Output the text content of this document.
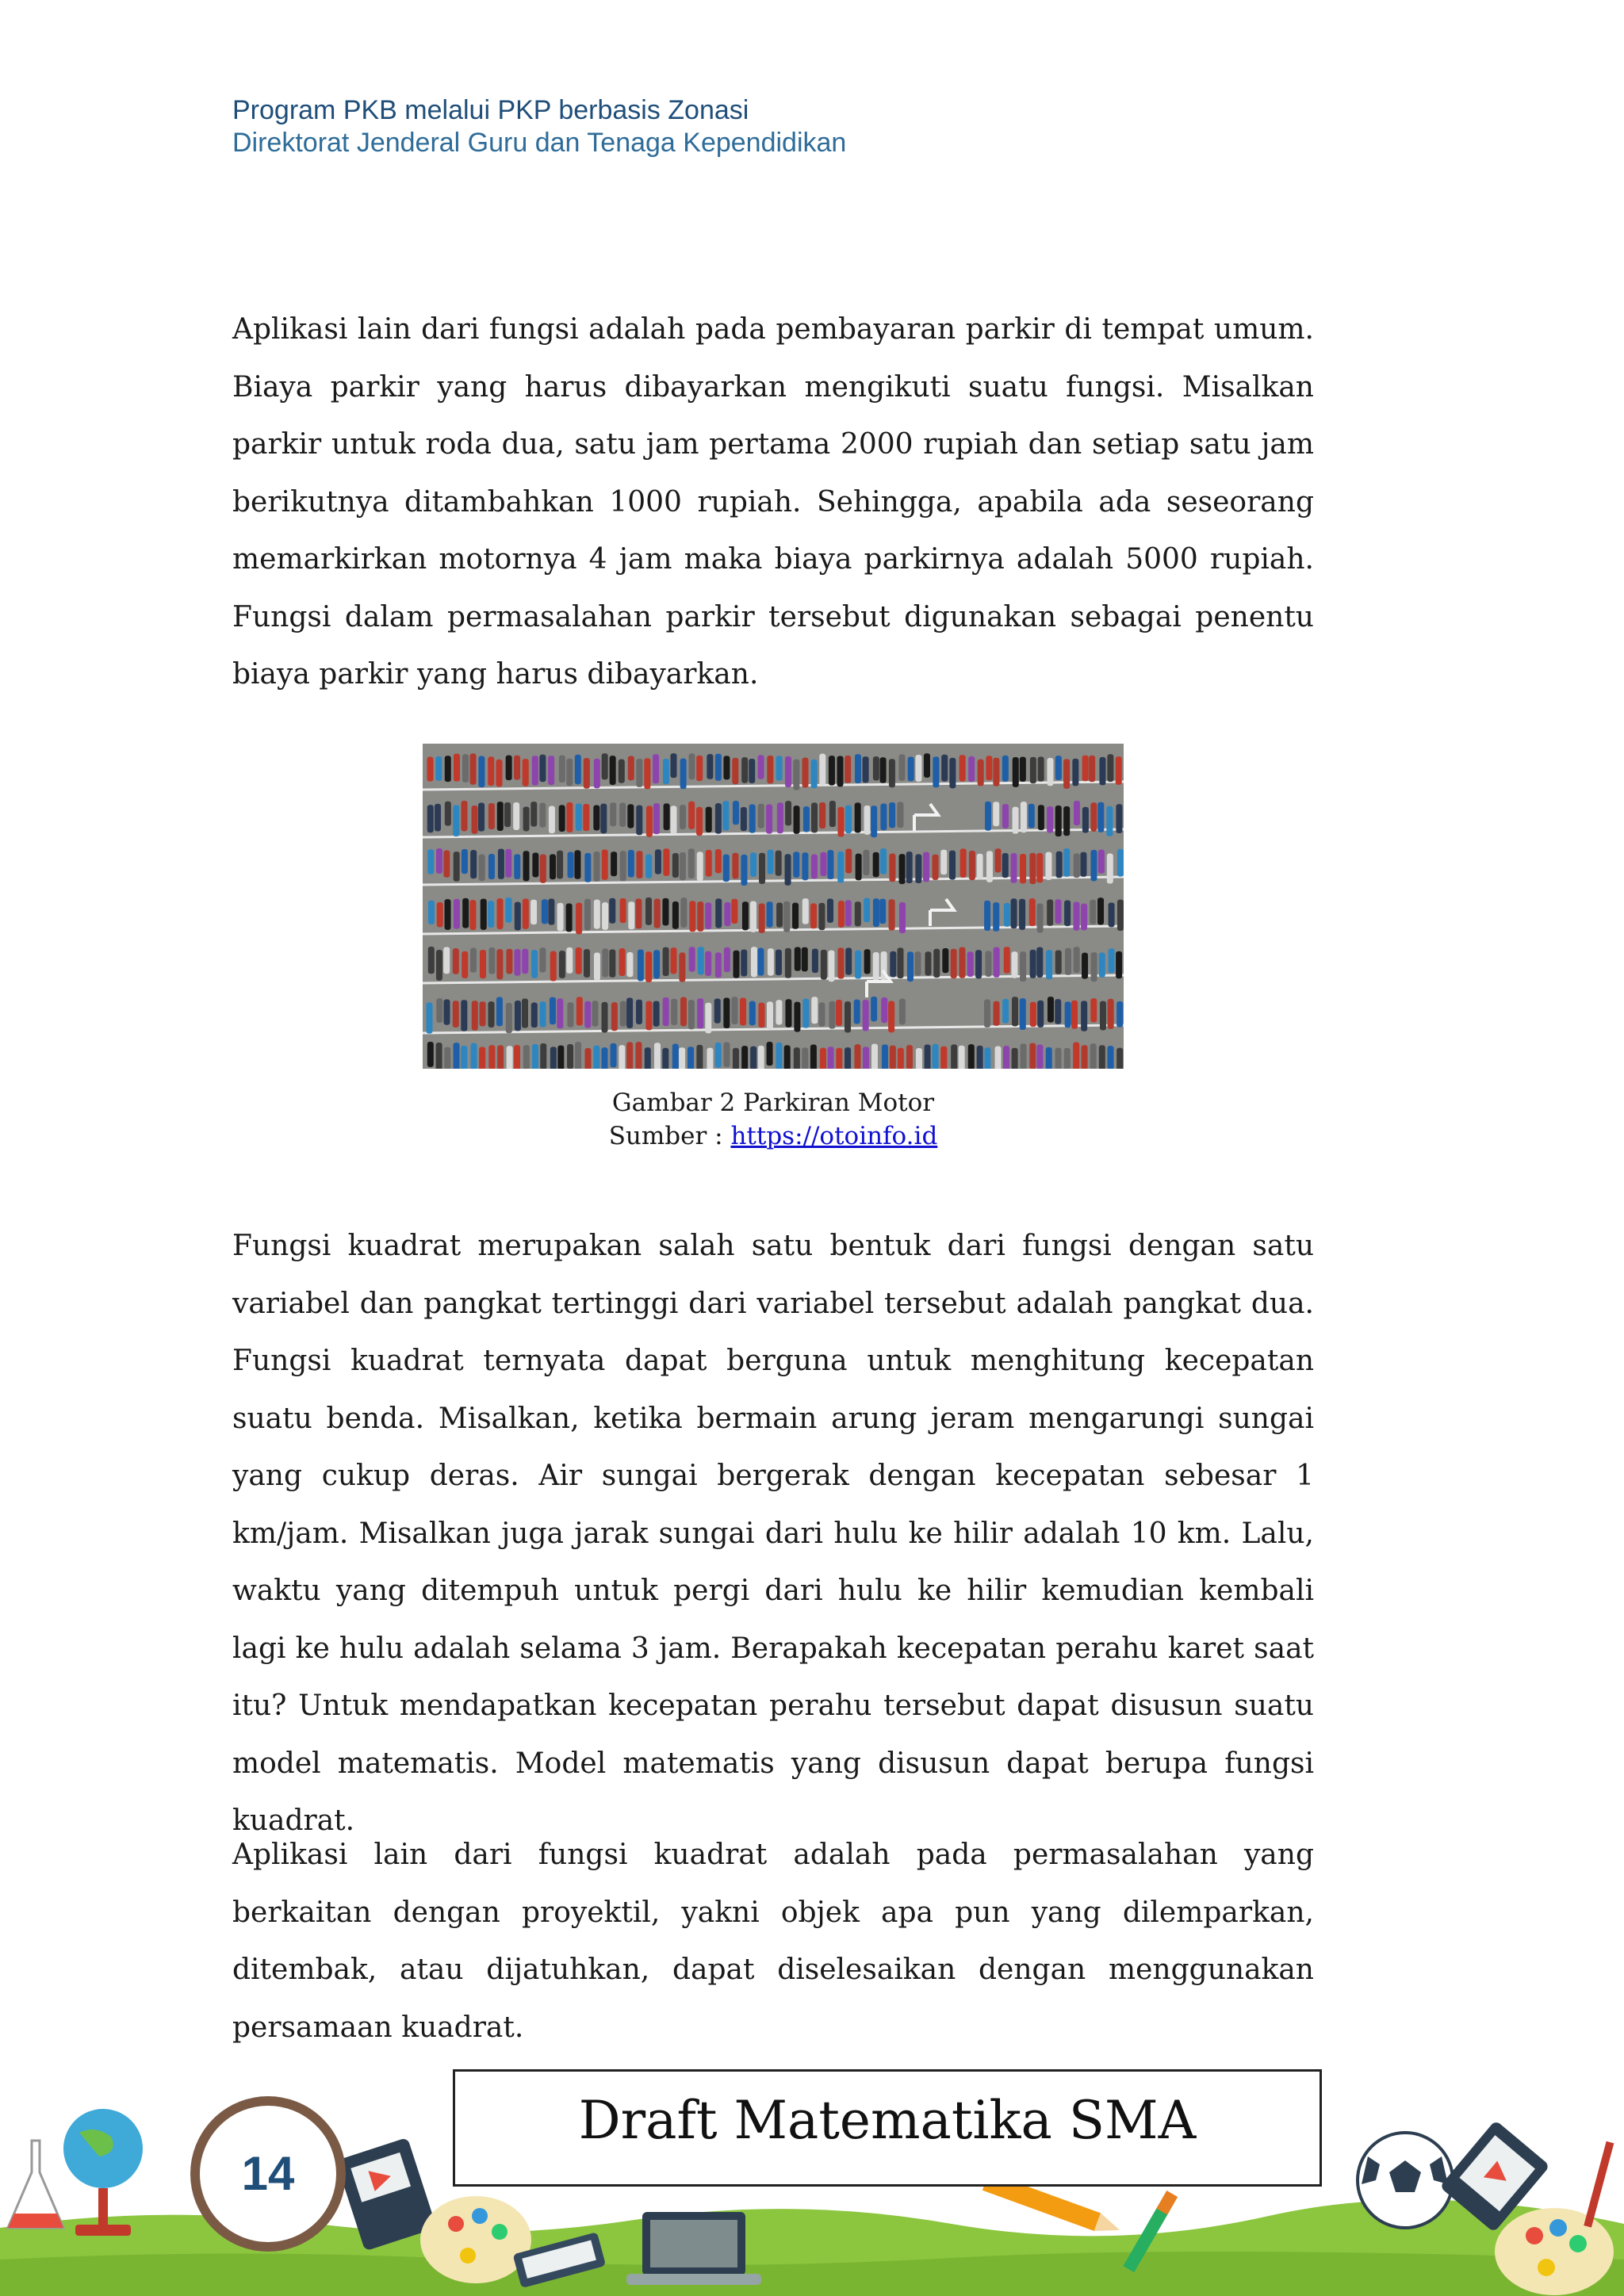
Program PKB melalui PKP berbasis Zonasi
Direktorat Jenderal Guru dan Tenaga Kependidikan

Aplikasi lain dari fungsi adalah pada pembayaran parkir di tempat umum. Biaya parkir yang harus dibayarkan mengikuti suatu fungsi. Misalkan parkir untuk roda dua, satu jam pertama 2000 rupiah dan setiap satu jam berikutnya ditambahkan 1000 rupiah. Sehingga, apabila ada seseorang memarkirkan motornya 4 jam maka biaya parkirnya adalah 5000 rupiah. Fungsi dalam permasalahan parkir tersebut digunakan sebagai penentu biaya parkir yang harus dibayarkan.

Gambar 2 Parkiran Motor
Sumber : https://otoinfo.id

Fungsi kuadrat merupakan salah satu bentuk dari fungsi dengan satu variabel dan pangkat tertinggi dari variabel tersebut adalah pangkat dua. Fungsi kuadrat ternyata dapat berguna untuk menghitung kecepatan suatu benda. Misalkan, ketika bermain arung jeram mengarungi sungai yang cukup deras. Air sungai bergerak dengan kecepatan sebesar 1 km/jam. Misalkan juga jarak sungai dari hulu ke hilir adalah 10 km. Lalu, waktu yang ditempuh untuk pergi dari hulu ke hilir kemudian kembali lagi ke hulu adalah selama 3 jam. Berapakah kecepatan perahu karet saat itu? Untuk mendapatkan kecepatan perahu tersebut dapat disusun suatu model matematis. Model matematis yang disusun dapat berupa fungsi kuadrat.

Aplikasi lain dari fungsi kuadrat adalah pada permasalahan yang berkaitan dengan proyektil, yakni objek apa pun yang dilemparkan, ditembak, atau dijatuhkan, dapat diselesaikan dengan menggunakan persamaan kuadrat.

14
Draft Matematika SMA
